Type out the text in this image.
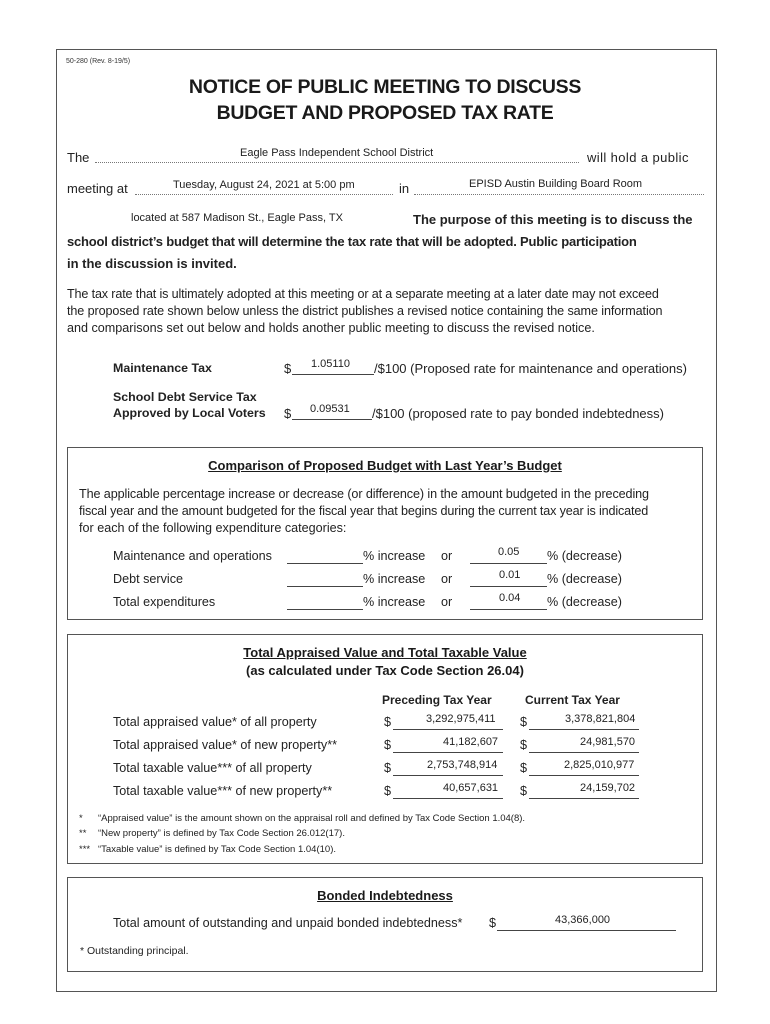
50-280 (Rev. 8-19/5)
NOTICE OF PUBLIC MEETING TO DISCUSS
BUDGET AND PROPOSED TAX RATE
The	Eagle Pass Independent School District	will hold a public
meeting at	Tuesday, August 24, 2021 at 5:00 pm	in	EPISD Austin Building Board Room
located at 587 Madison St., Eagle Pass, TX	The purpose of this meeting is to discuss the
school district’s budget that will determine the tax rate that will be adopted. Public participation
in the discussion is invited.
The tax rate that is ultimately adopted at this meeting or at a separate meeting at a later date may not exceed
the proposed rate shown below unless the district publishes a revised notice containing the same information
and comparisons set out below and holds another public meeting to discuss the revised notice.
Maintenance Tax	$ 1.05110 /$100 (Proposed rate for maintenance and operations)
School Debt Service Tax
Approved by Local Voters $ 0.09531 /$100 (proposed rate to pay bonded indebtedness)
Comparison of Proposed Budget with Last Year’s Budget
The applicable percentage increase or decrease (or difference) in the amount budgeted in the preceding
fiscal year and the amount budgeted for the fiscal year that begins during the current tax year is indicated
for each of the following expenditure categories:
Maintenance and operations	% increase or	0.05 % (decrease)
Debt service	% increase or	0.01 % (decrease)
Total expenditures	% increase or	0.04 % (decrease)
Total Appraised Value and Total Taxable Value
(as calculated under Tax Code Section 26.04)
Preceding Tax Year	Current Tax Year
Total appraised value* of all property	$	3,292,975,411 $	3,378,821,804
Total appraised value* of new property**	$	41,182,607 $	24,981,570
Total taxable value*** of all property	$	2,753,748,914 $	2,825,010,977
Total taxable value*** of new property**	$	40,657,631 $	24,159,702
* “Appraised value” is the amount shown on the appraisal roll and defined by Tax Code Section 1.04(8).
** “New property” is defined by Tax Code Section 26.012(17).
*** “Taxable value” is defined by Tax Code Section 1.04(10).
Bonded Indebtedness
Total amount of outstanding and unpaid bonded indebtedness* $	43,366,000
* Outstanding principal.
